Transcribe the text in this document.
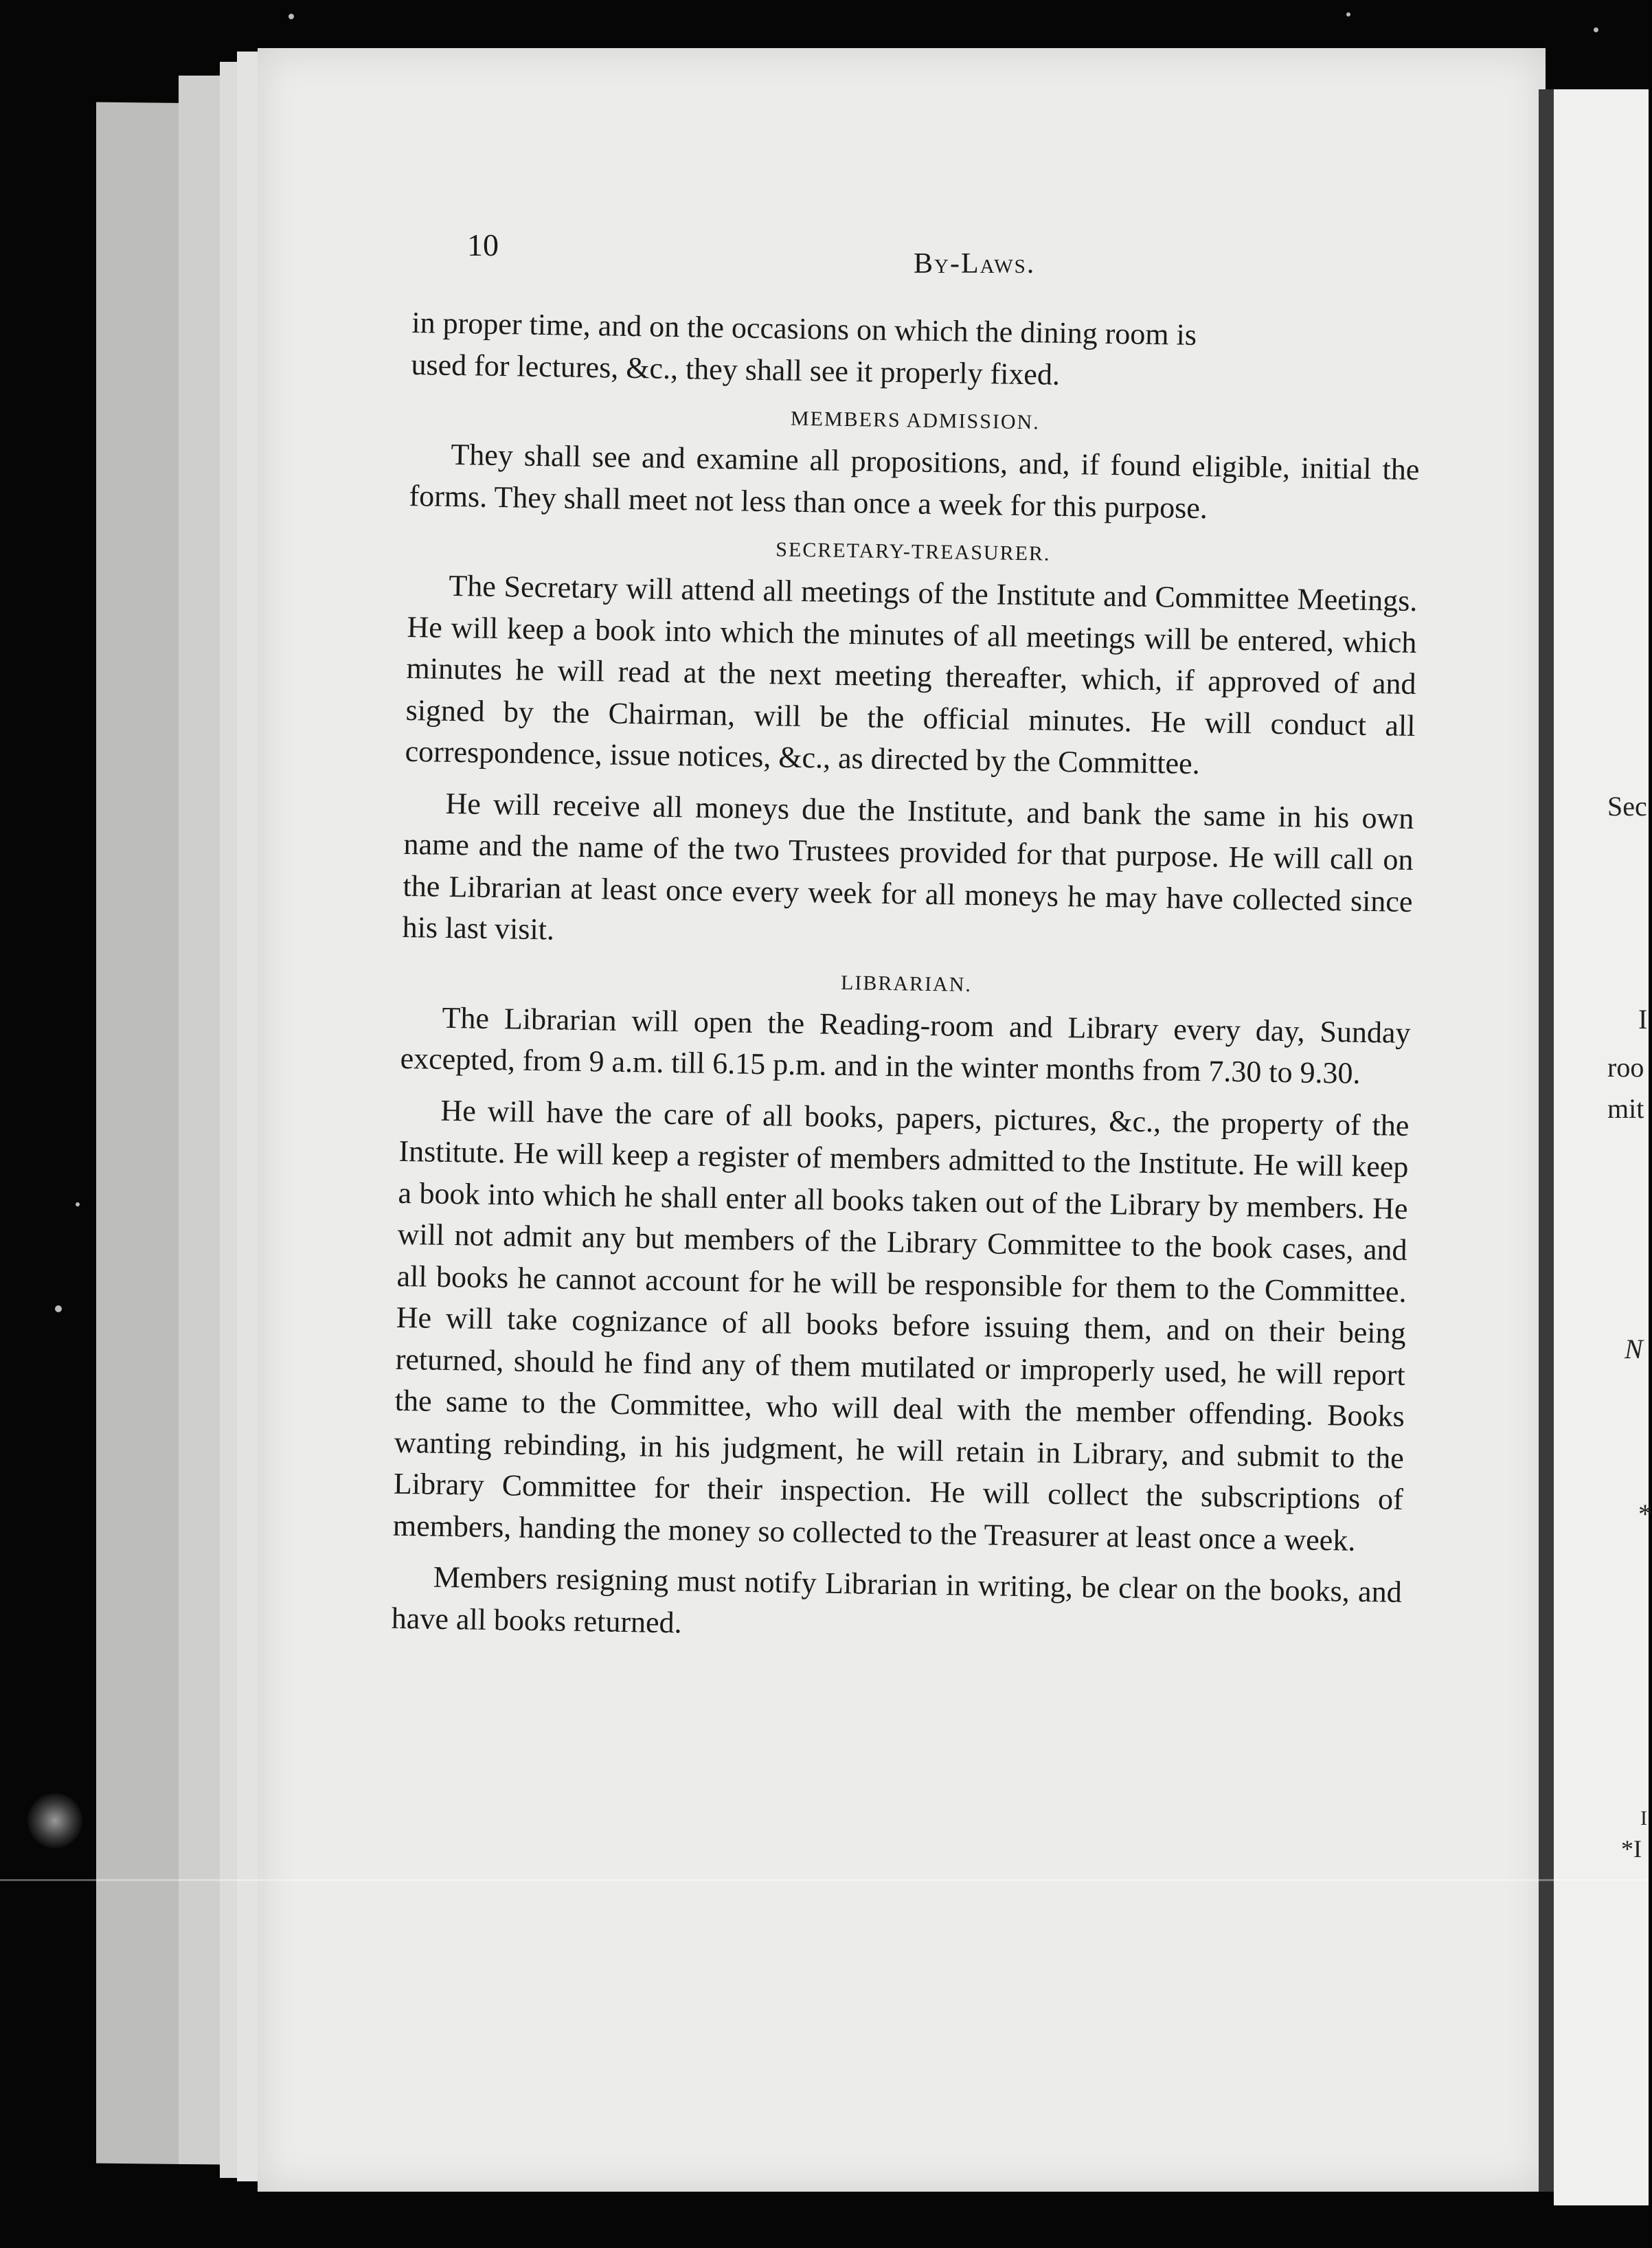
Sec
I
roo
mit
N
*
I
*I
10
By-Laws.

in proper time, and on the occasions on which the dining room is

used for lectures, &c., they shall see it properly fixed.

MEMBERS ADMISSION.

They shall see and examine all propositions, and, if found eligible, initial the forms. They shall meet not less than once a week for this purpose.

SECRETARY-TREASURER.

The Secretary will attend all meetings of the Institute and Committee Meetings. He will keep a book into which the minutes of all meetings will be entered, which minutes he will read at the next meeting thereafter, which, if approved of and signed by the Chairman, will be the official minutes. He will conduct all correspondence, issue notices, &c., as directed by the Committee.

He will receive all moneys due the Institute, and bank the same in his own name and the name of the two Trustees provided for that purpose. He will call on the Librarian at least once every week for all moneys he may have collected since his last visit.

LIBRARIAN.

The Librarian will open the Reading-room and Library every day, Sunday excepted, from 9 a.m. till 6.15 p.m. and in the winter months from 7.30 to 9.30.

He will have the care of all books, papers, pictures, &c., the property of the Institute. He will keep a register of members admitted to the Institute. He will keep a book into which he shall enter all books taken out of the Library by members. He will not admit any but members of the Library Committee to the book cases, and all books he cannot account for he will be responsible for them to the Committee. He will take cognizance of all books before issuing them, and on their being returned, should he find any of them mutilated or improperly used, he will report the same to the Committee, who will deal with the member offending. Books wanting rebinding, in his judgment, he will retain in Library, and submit to the Library Committee for their inspection. He will collect the subscriptions of members, handing the money so collected to the Treasurer at least once a week.

Members resigning must notify Librarian in writing, be clear on the books, and have all books returned.
